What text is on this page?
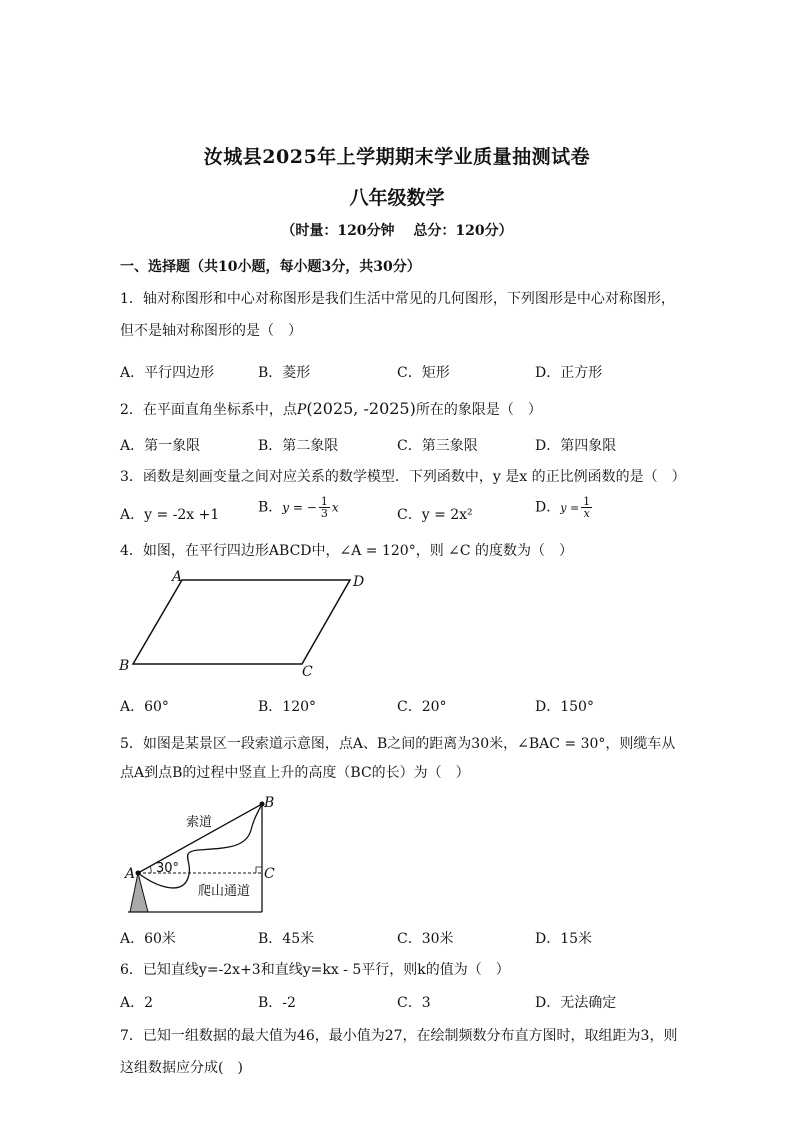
汝城县2025年上学期期末学业质量抽测试卷
八年级数学
（时量：120分钟　 总分：120分）
一、选择题（共10小题，每小题3分，共30分）
1．轴对称图形和中心对称图形是我们生活中常见的几何图形，下列图形是中心对称图形，
但不是轴对称图形的是（　）
A．平行四边形	B．菱形	C．矩形	D．正方形
2．在平面直角坐标系中，点P(2025, -2025)所在的象限是（　）
A．第一象限	B．第二象限	C．第三象限	D．第四象限
3．函数是刻画变量之间对应关系的数学模型．下列函数中，y 是x 的正比例函数的是（　）
A．y = -2x +1	B．y = − $\frac{1}{3}$ x	C．y = 2x²	D．$y = \frac{1}{x}$
4．如图，在平行四边形ABCD中，∠A = 120°，则 ∠C 的度数为（　）
A	D
B	C
A
B
C
索道
30°
爬山通道
A．60°	B．120°	C．20°	D．150°
5．如图是某景区一段索道示意图，点A、B之间的距离为30米，∠BAC = 30°，则缆车从
点A到点B的过程中竖直上升的高度（BC的长）为（　）
A．60米	B．45米	C．30米	D．15米
6．已知直线y=-2x+3和直线y=kx - 5平行，则k的值为（　）
A．2	B．-2	C．3	D．无法确定
7．已知一组数据的最大值为46，最小值为27，在绘制频数分布直方图时，取组距为3，则
这组数据应分成(　)
